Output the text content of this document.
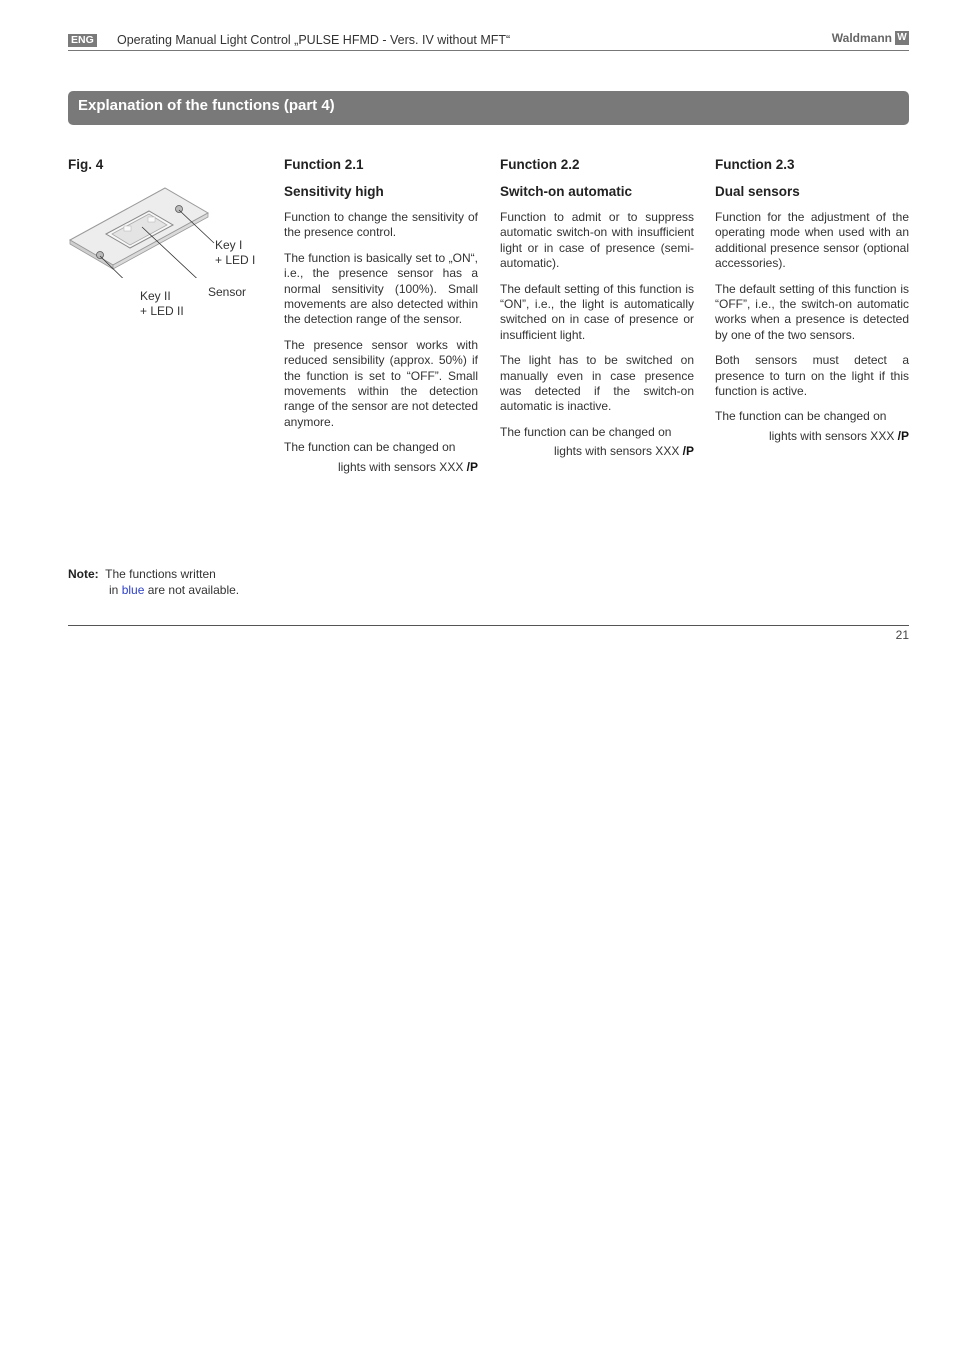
ENG Operating Manual Light Control „PULSE HFMD - Vers. IV without MFT“	Waldmann W
Explanation of the functions (part 4)
Fig. 4
Key I
+ LED I
Sensor
Key II
+ LED II
Function 2.1
Sensitivity high

Function to change the sensitivity of the presence control.

The function is basically set to „ON“, i.e., the presence sensor has a normal sensitivity (100%). Small movements are also detected within the detection range of the sensor.

The presence sensor works with reduced sensibility (approx. 50%) if the function is set to “OFF”. Small movements within the detection range of the sensor are not detected anymore.

The function can be changed on

lights with sensors XXX /P

Function 2.2
Switch-on automatic

Function to admit or to suppress automatic switch-on with insufficient light or in case of presence (semi-automatic).

The default setting of this function is “ON”, i.e., the light is automatically switched on in case of presence or insufficient light.

The light has to be switched on manually even in case presence was detected if the switch-on automatic is inactive.

The function can be changed on

lights with sensors XXX /P

Function 2.3
Dual sensors

Function for the adjustment of the operating mode when used with an additional presence sensor (optional accessories).

The default setting of this function is “OFF”, i.e., the switch-on automatic works when a presence is detected by one of the two sensors.

Both sensors must detect a presence to turn on the light if this function is active.

The function can be changed on

lights with sensors XXX /P

Note: The functions written
in blue are not available.
21
